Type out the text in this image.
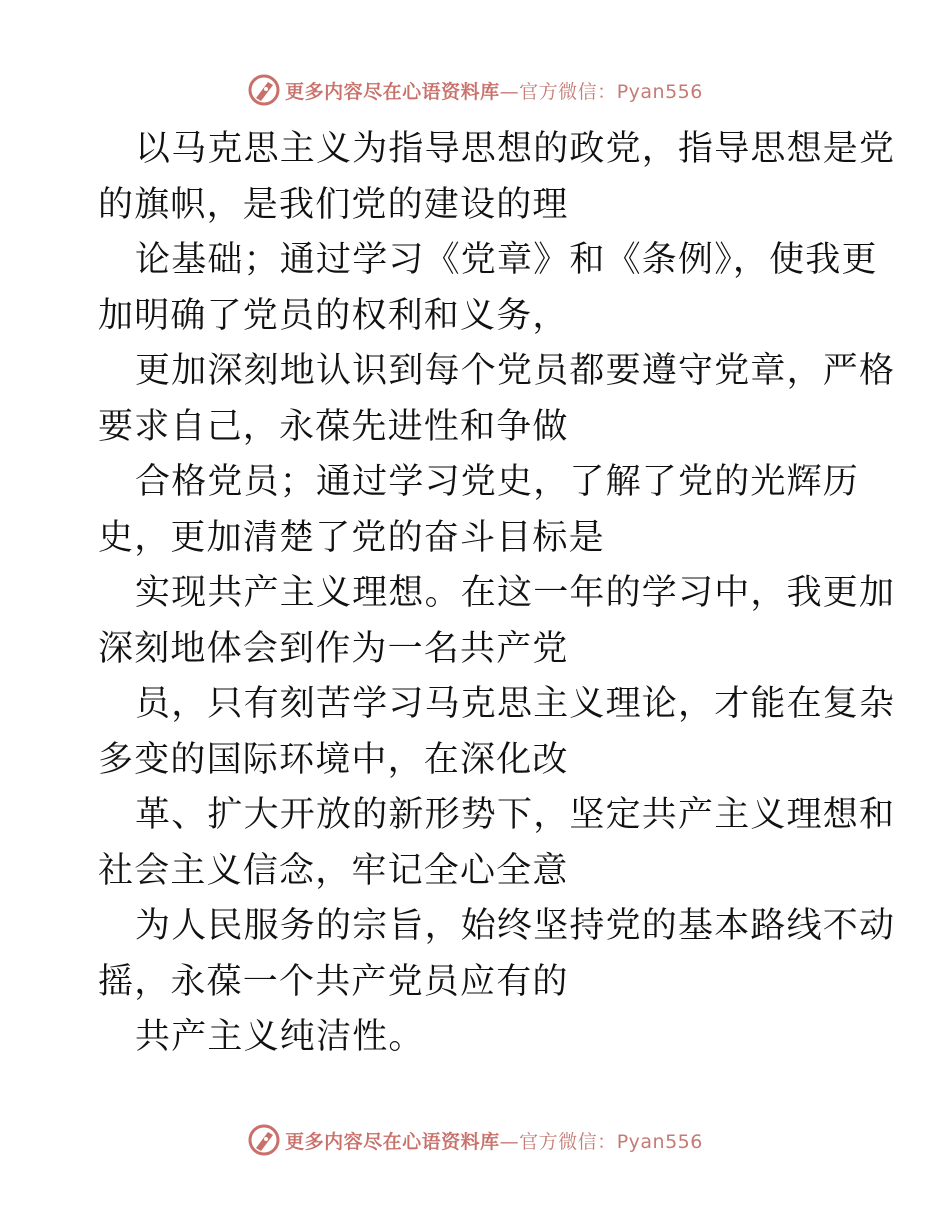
更多内容尽在心语资料库—官方微信：Pyan556

以马克思主义为指导思想的政党，指导思想是党
的旗帜，是我们党的建设的理

论基础；通过学习《党章》和《条例》，使我更
加明确了党员的权利和义务，

更加深刻地认识到每个党员都要遵守党章，严格
要求自己，永葆先进性和争做

合格党员；通过学习党史，了解了党的光辉历
史，更加清楚了党的奋斗目标是

实现共产主义理想。在这一年的学习中，我更加
深刻地体会到作为一名共产党

员，只有刻苦学习马克思主义理论，才能在复杂
多变的国际环境中，在深化改

革、扩大开放的新形势下，坚定共产主义理想和
社会主义信念，牢记全心全意

为人民服务的宗旨，始终坚持党的基本路线不动
摇，永葆一个共产党员应有的

共产主义纯洁性。

更多内容尽在心语资料库—官方微信：Pyan556
